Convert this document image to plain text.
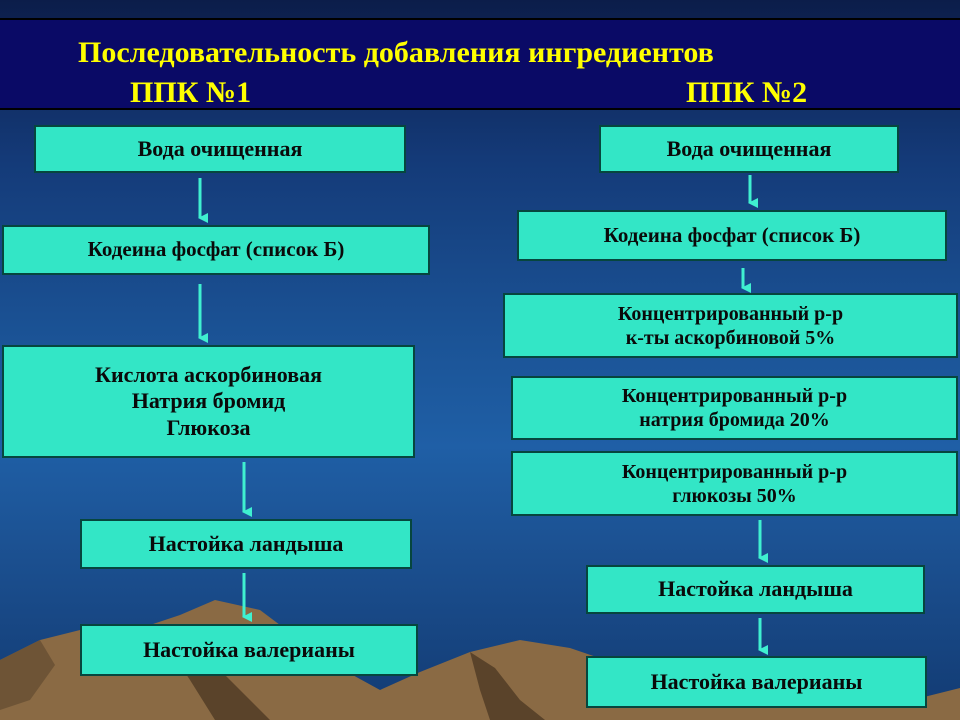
Последовательность добавления ингредиентов
ППК №1	ППК №2
Вода очищенная
Кодеина фосфат (список Б)
Кислота аскорбиновая
Натрия бромид
Глюкоза
Настойка ландыша
Настойка валерианы
Вода очищенная
Кодеина фосфат (список Б)
Концентрированный р-р
к-ты аскорбиновой 5%
Концентрированный р-р
натрия бромида 20%
Концентрированный р-р
глюкозы 50%
Настойка ландыша
Настойка валерианы
